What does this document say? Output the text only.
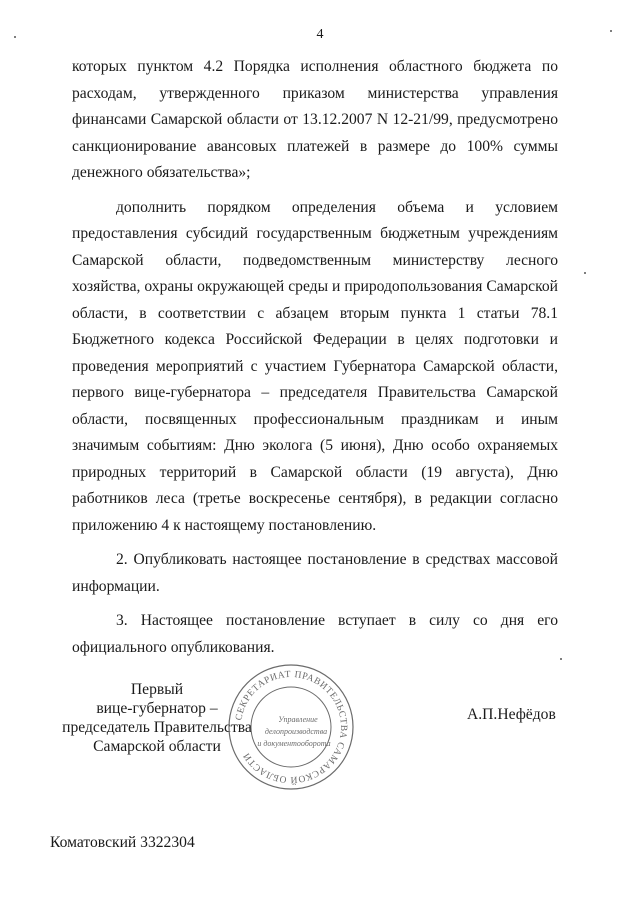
4

которых пунктом 4.2 Порядка исполнения областного бюджета по расходам, утвержденного приказом министерства управления финансами Самарской области от 13.12.2007 N 12-21/99, предусмотрено санкционирование авансовых платежей в размере до 100% суммы денежного обязательства»;

дополнить порядком определения объема и условием предоставления субсидий государственным бюджетным учреждениям Самарской области, подведомственным министерству лесного хозяйства, охраны окружающей среды и природопользования Самарской области, в соответствии с абзацем вторым пункта 1 статьи 78.1 Бюджетного кодекса Российской Федерации в целях подготовки и проведения мероприятий с участием Губернатора Самарской области, первого вице-губернатора – председателя Правительства Самарской области, посвященных профессиональным праздникам и иным значимым событиям: Дню эколога (5 июня), Дню особо охраняемых природных территорий в Самарской области (19 августа), Дню работников леса (третье воскресенье сентября), в редакции согласно приложению 4 к настоящему постановлению.

2. Опубликовать настоящее постановление в средствах массовой информации.

3. Настоящее постановление вступает в силу со дня его официального опубликования.

Первый
вице-губернатор –
председатель Правительства
Самарской области
СЕКРЕТАРИАТ ПРАВИТЕЛЬСТВА САМАРСКОЙ ОБЛАСТИ
Управление
делопроизводства
и документооборота
А.П.Нефёдов
Коматовский 3322304
